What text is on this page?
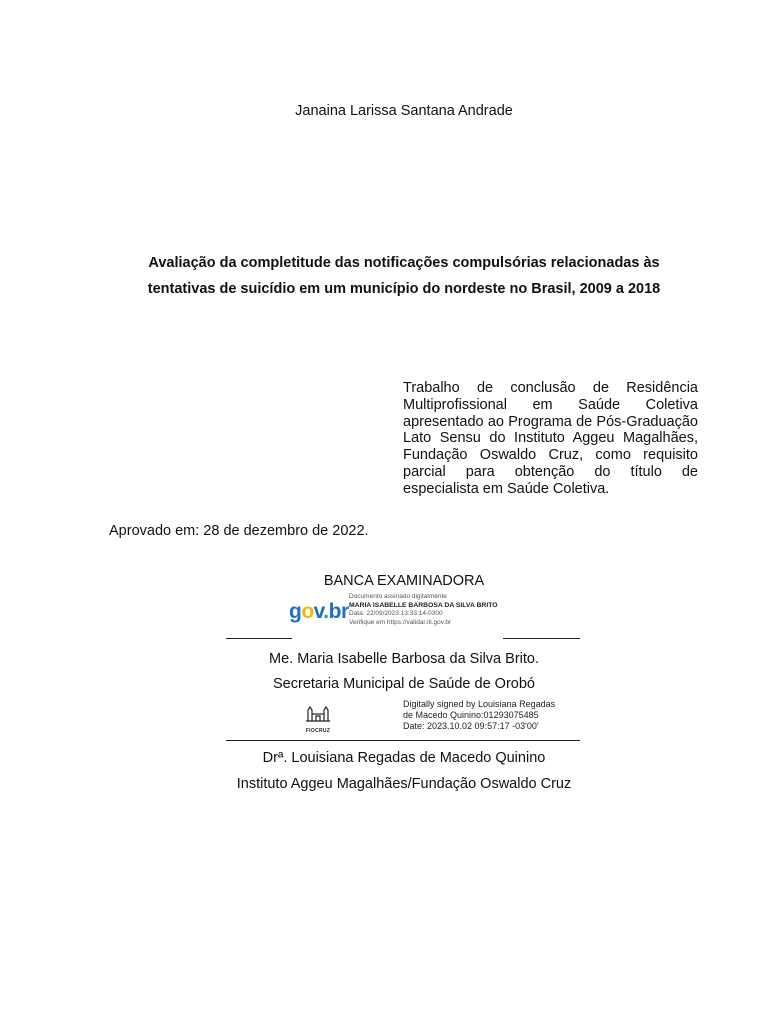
Janaina Larissa Santana Andrade
Avaliação da completitude das notificações compulsórias relacionadas às
tentativas de suicídio em um município do nordeste no Brasil, 2009 a 2018
Trabalho de conclusão de Residência Multiprofissional em Saúde Coletiva apresentado ao Programa de Pós-Graduação Lato Sensu do Instituto Aggeu Magalhães, Fundação Oswaldo Cruz, como requisito parcial para obtenção do título de especialista em Saúde Coletiva.
Aprovado em: 28 de dezembro de 2022.
BANCA EXAMINADORA
gov.br
Documento assinado digitalmente
MARIA ISABELLE BARBOSA DA SILVA BRITO
Data: 22/09/2023 13:33:14-0300
Verifique em https://validar.iti.gov.br
Me. Maria Isabelle Barbosa da Silva Brito.
Secretaria Municipal de Saúde de Orobó
FIOCRUZ
Digitally signed by Louisiana Regadas
de Macedo Quinino:01293075485
Date: 2023.10.02 09:57:17 -03'00'
Drª. Louisiana Regadas de Macedo Quinino
Instituto Aggeu Magalhães/Fundação Oswaldo Cruz
